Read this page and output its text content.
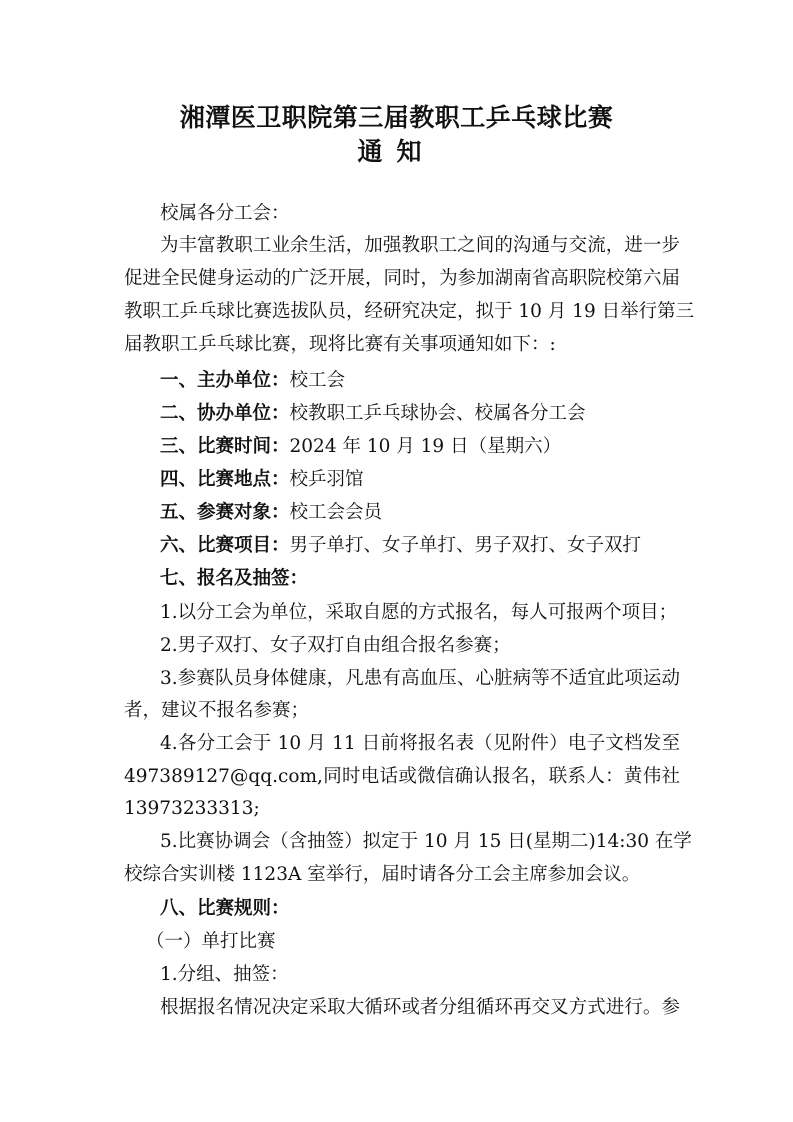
湘潭医卫职院第三届教职工乒乓球比赛
通知
校属各分工会：
为丰富教职工业余生活，加强教职工之间的沟通与交流，进一步
促进全民健身运动的广泛开展，同时，为参加湖南省高职院校第六届
教职工乒乓球比赛选拔队员，经研究决定，拟于 10 月 19 日举行第三
届教职工乒乓球比赛，现将比赛有关事项通知如下：:
一、主办单位：校工会
二、协办单位：校教职工乒乓球协会、校属各分工会
三、比赛时间：2024 年 10 月 19 日（星期六）
四、比赛地点：校乒羽馆
五、参赛对象：校工会会员
六、比赛项目：男子单打、女子单打、男子双打、女子双打
七、报名及抽签：
1.以分工会为单位，采取自愿的方式报名，每人可报两个项目；
2.男子双打、女子双打自由组合报名参赛；
3.参赛队员身体健康，凡患有高血压、心脏病等不适宜此项运动
者，建议不报名参赛；
4.各分工会于 10 月 11 日前将报名表（见附件）电子文档发至
497389127@qq.com,同时电话或微信确认报名，联系人：黄伟社
13973233313;
5.比赛协调会（含抽签）拟定于 10 月 15 日(星期二)14:30 在学
校综合实训楼 1123A 室举行，届时请各分工会主席参加会议。
八、比赛规则：
（一）单打比赛
1.分组、抽签：
根据报名情况决定采取大循环或者分组循环再交叉方式进行。参
